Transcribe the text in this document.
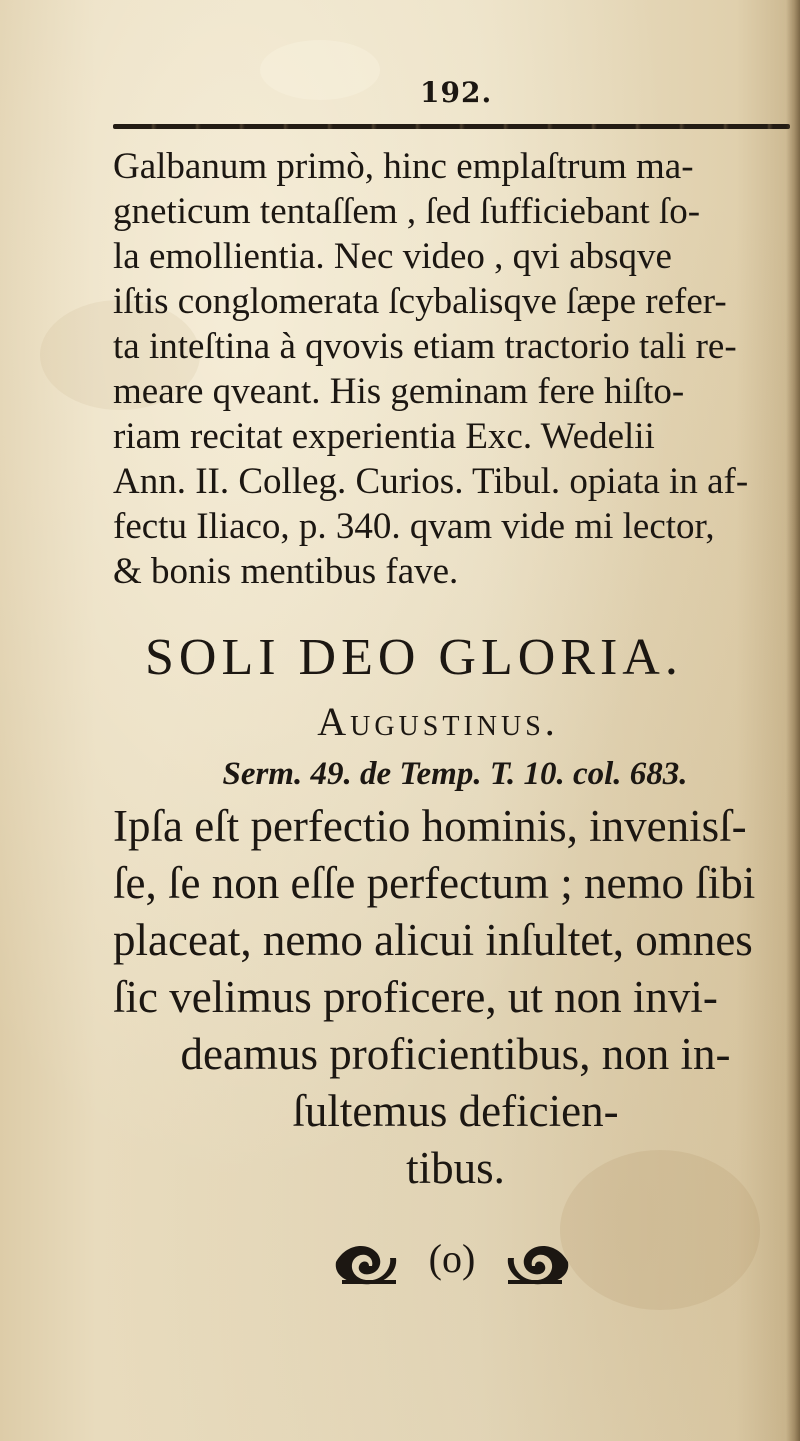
192.
Galbanum primò, hinc emplaſtrum ma-
gneticum tentaſſem , ſed ſufficiebant ſo-
la emollientia. Nec video , qvi absqve
iſtis conglomerata ſcybalisqve ſæpe refer-
ta inteſtina à qvovis etiam tractorio tali re-
meare qveant. His geminam fere hiſto-
riam recitat experientia Exc. Wedelii
Ann. II. Colleg. Curios. Tibul. opiata in af-
fectu Iliaco, p. 340. qvam vide mi lector,
& bonis mentibus fave.
SOLI DEO GLORIA.
Augustinus.
Serm. 49. de Temp. T. 10. col. 683.
Ipſa eſt perfectio hominis, invenisſ-
ſe, ſe non eſſe perfectum ; nemo ſibi
placeat, nemo alicui inſultet, omnes
ſic velimus proficere, ut non invi-
deamus proficientibus, non in-
ſultemus deficien-
tibus.
(o)
